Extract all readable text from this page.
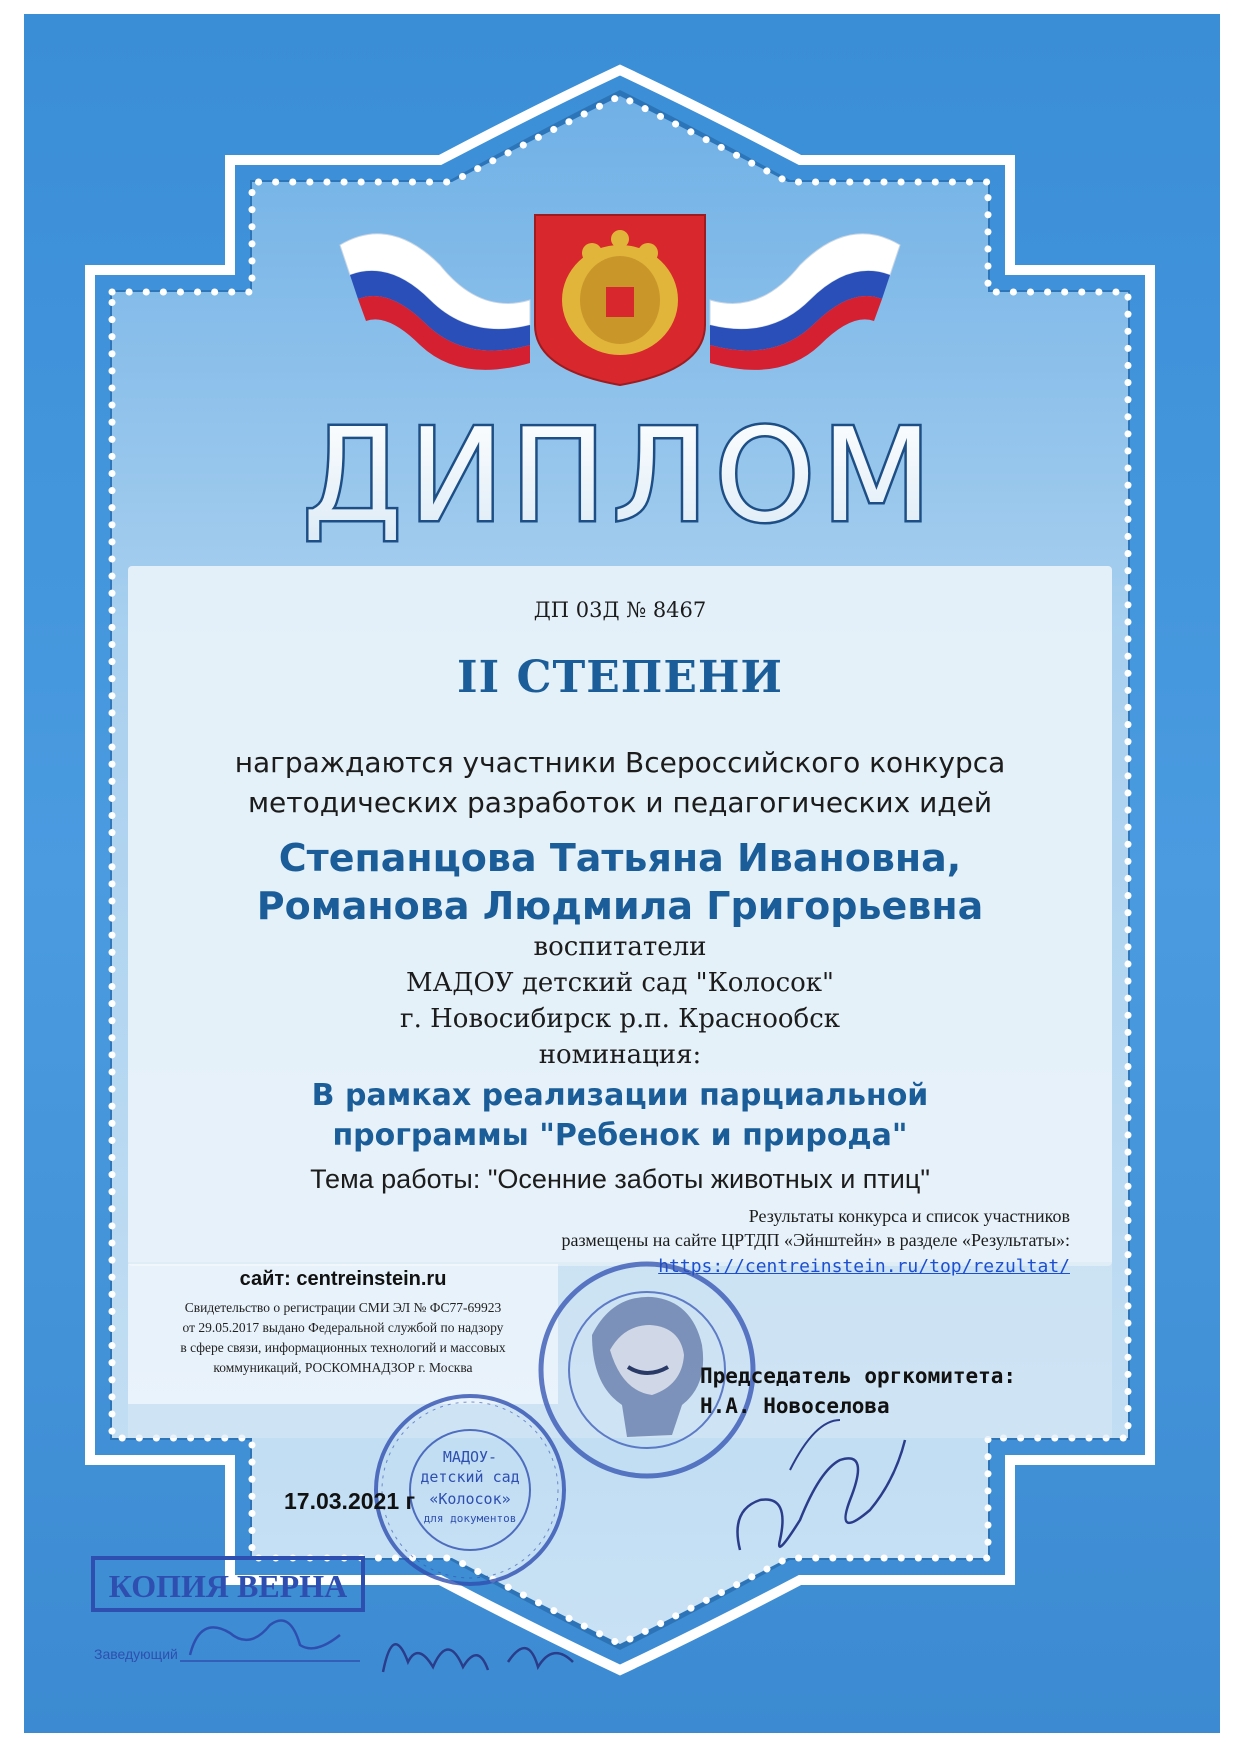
ДИПЛОМ

ДП 03Д № 8467

II СТЕПЕНИ

награждаются участники Всероссийского конкурса

методических разработок и педагогических идей

Степанцова Татьяна Ивановна,

Романова Людмила Григорьевна

воспитатели

МАДОУ детский сад "Колосок"

г. Новосибирск р.п. Краснообск

номинация:

В рамках реализации парциальной

программы "Ребенок и природа"

Тема работы: "Осенние заботы животных и птиц"

Результаты конкурса и список участников

размещены на сайте ЦРТДП «Эйнштейн» в разделе «Результаты»:

https://centreinstein.ru/top/rezultat/

сайт: centreinstein.ru

Свидетельство о регистрации СМИ ЭЛ № ФС77-69923

от 29.05.2017 выдано Федеральной службой по надзору

в сфере связи, информационных технологий и массовых

коммуникаций, РОСКОМНАДЗОР г. Москва

МАДОУ-
детский сад
«Колосок»
для документов

Председатель оргкомитета:

Н.А. Новоселова

17.03.2021 г

КОПИЯ ВЕРНА
Заведующий
